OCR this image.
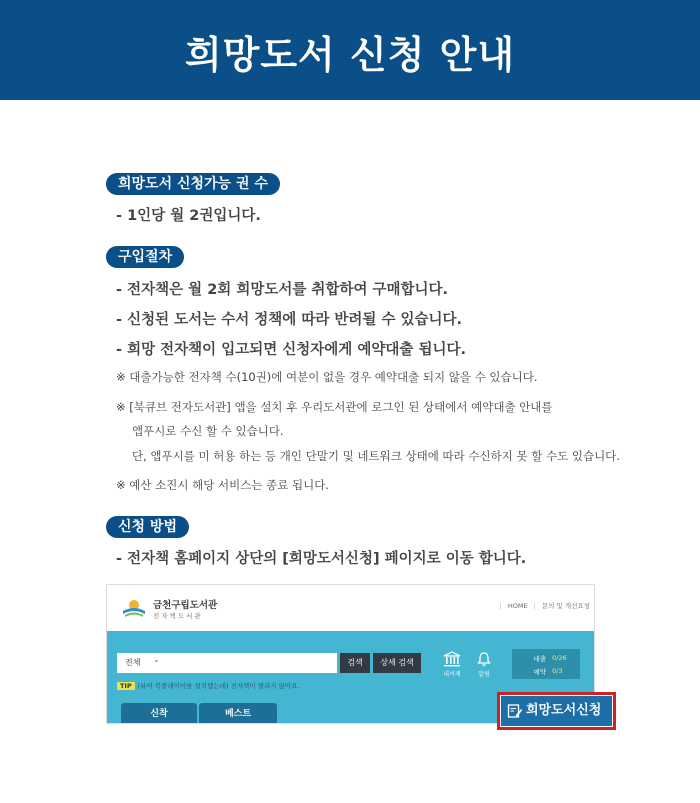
희망도서 신청 안내
희망도서 신청가능 권 수
- 1인당 월 2권입니다.
구입절차
- 전자책은 월 2회 희망도서를 취합하여 구매합니다.
- 신청된 도서는 수서 정책에 따라 반려될 수 있습니다.
- 희망 전자책이 입고되면 신청자에게 예약대출 됩니다.
※ 대출가능한 전자책 수(10권)에 여분이 없을 경우 예약대출 되지 않을 수 있습니다.
※ [북큐브 전자도서관] 앱을 설치 후 우리도서관에 로그인 된 상태에서 예약대출 안내를
앱푸시로 수신 할 수 있습니다.
단, 앱푸시를 미 허용 하는 등 개인 단말기 및 네트워크 상태에 따라 수신하지 못 할 수도 있습니다.
※ 예산 소진시 해당 서비스는 종료 됩니다.
신청 방법
- 전자책 홈페이지 상단의 [희망도서신청] 페이지로 이동 합니다.
금천구립도서관
전자책도서관
| HOME | 문의 및 개선요청
전체 ⌄	검색	상세 검색
TIP (뷰어 북플레이어를 설치했는데) 전자책이 열리지 않아요.
내서재	알림
대출 0/26
예약 0/3
신착	베스트	희망도서신청
